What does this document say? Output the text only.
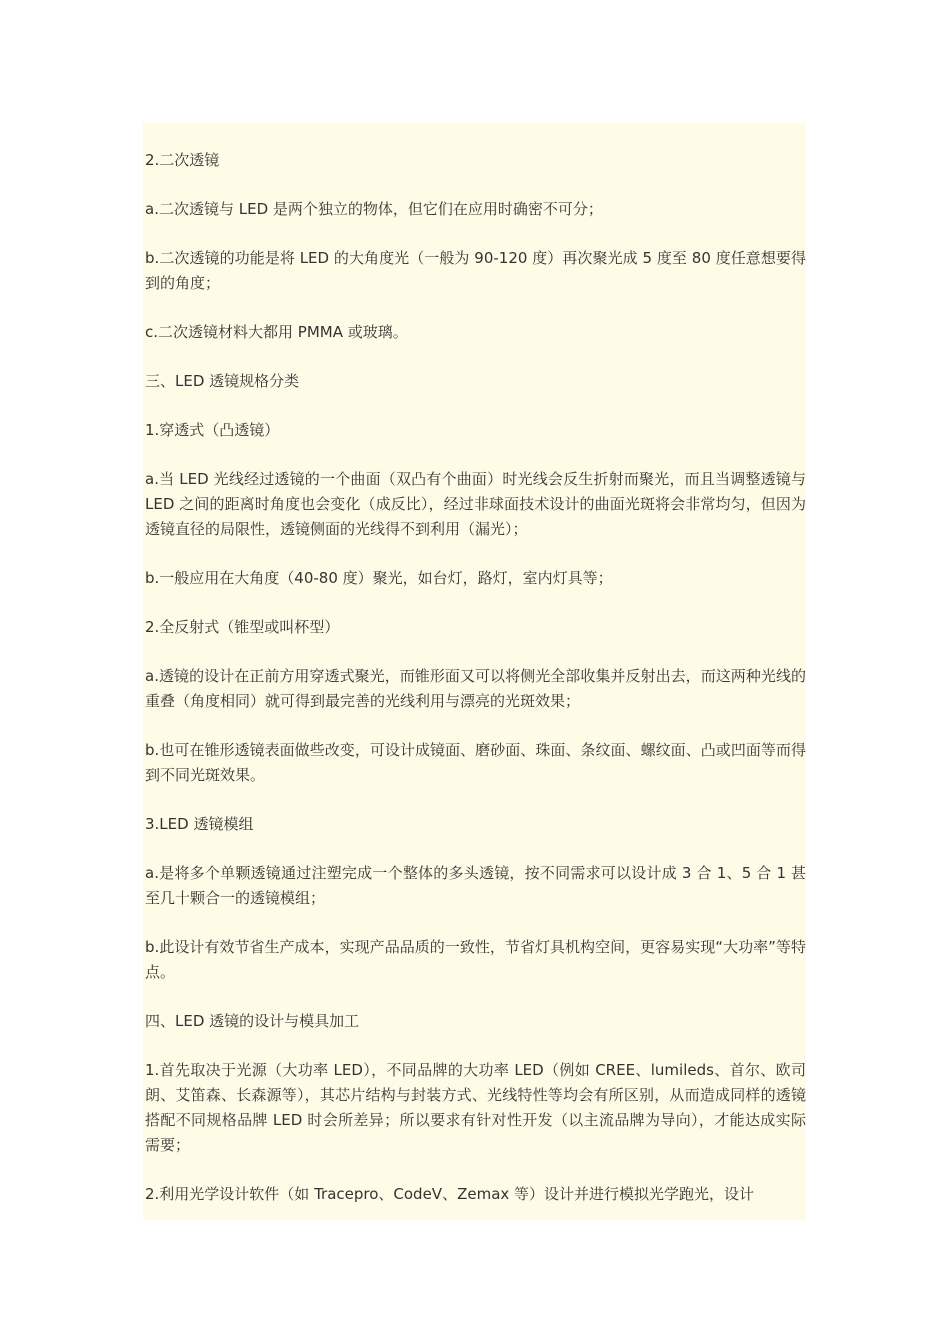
2.二次透镜

a.二次透镜与 LED 是两个独立的物体，但它们在应用时确密不可分；

b.二次透镜的功能是将 LED 的大角度光（一般为 90-120 度）再次聚光成 5 度至 80 度任意想要得到的角度；

c.二次透镜材料大都用 PMMA 或玻璃。

三、LED 透镜规格分类

1.穿透式（凸透镜）

a.当 LED 光线经过透镜的一个曲面（双凸有个曲面）时光线会反生折射而聚光，而且当调整透镜与 LED 之间的距离时角度也会变化（成反比），经过非球面技术设计的曲面光斑将会非常均匀，但因为透镜直径的局限性，透镜侧面的光线得不到利用（漏光）；

b.一般应用在大角度（40-80 度）聚光，如台灯，路灯，室内灯具等；

2.全反射式（锥型或叫杯型）

a.透镜的设计在正前方用穿透式聚光，而锥形面又可以将侧光全部收集并反射出去，而这两种光线的重叠（角度相同）就可得到最完善的光线利用与漂亮的光斑效果；

b.也可在锥形透镜表面做些改变，可设计成镜面、磨砂面、珠面、条纹面、螺纹面、凸或凹面等而得到不同光斑效果。

3.LED 透镜模组

a.是将多个单颗透镜通过注塑完成一个整体的多头透镜，按不同需求可以设计成 3 合 1、5 合 1 甚至几十颗合一的透镜模组；

b.此设计有效节省生产成本，实现产品品质的一致性，节省灯具机构空间，更容易实现“大功率”等特点。

四、LED 透镜的设计与模具加工

1.首先取决于光源（大功率 LED），不同品牌的大功率 LED（例如 CREE、lumileds、首尔、欧司朗、艾笛森、长森源等），其芯片结构与封装方式、光线特性等均会有所区别，从而造成同样的透镜搭配不同规格品牌 LED 时会所差异；所以要求有针对性开发（以主流品牌为导向），才能达成实际需要；

2.利用光学设计软件（如 Tracepro、CodeV、Zemax 等）设计并进行模拟光学跑光，设计
